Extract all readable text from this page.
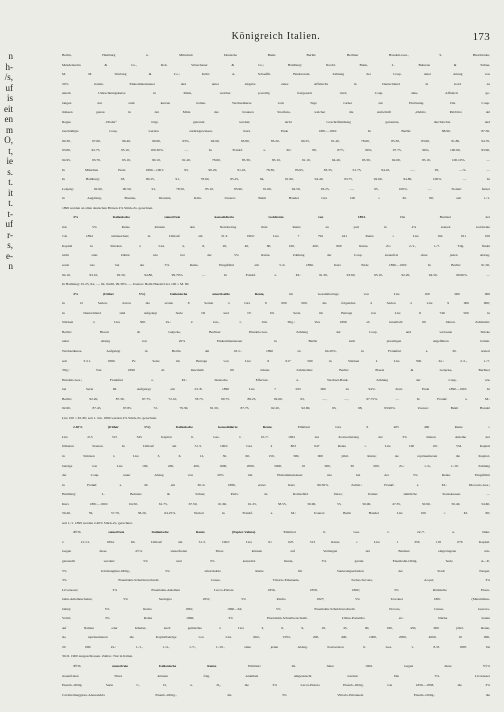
Königreich Italien.	173
n
h-
/s,
uf
is
eit
en
m
O,
t,
ie
s.
t.
it
t.
t-
uf
r-
s,
e-
n
Berlin, Hamburg u. München: Deutsche Bank: Berlin: Berliner Handels-Ges., S. Bleichröder,
Mendelssohn & Co., Rob. Warschauer & Co.; Hamburg: Nordd. Bank, L. Behrens & Söhne,
M. M. Warburg & Co.; Köln: A. Schaaffh. Bankverein. Zahlung der Coup. unter Abzug von
20% italien. Einkommensteuer und unter Abgabe eines Affidavits in Deutschland in Gold zu
einem Umrechnungskurse in Mark, welcher jeweilig festgesetzt wird; Coup. ohne Affidavit ge-
langen nur zum kurzen italien. Wechselkurse vom Tage vorher zur Einlösung. Die Coup.
müssen genau in der Mitte des braunen Streifens, welcher die Aufschrift „Debito Pubblico del
Regno d'Italia“ trägt, getrennt werden; nicht vorschriftsmässig getrennte, durchlochte und
beschädigte Coup. werden zurückgewiesen. Kurs Ende 1881—1901: In Berlin: 88.90, 87.50,
90.30, 97.60, 96.40, 99.90, 93%, 94.90, 93.80, 83.20, 90.25, 91.40, 78.60, 85.30, 83.90, 91.80, 94.70,
93.80, 92.75, 95.10, 100.30%. — In Frankf. a. M.: 89, 87½, 90⅝, 97.75, 96⅜, 100.60, 93.90,
94.95, 93.70, 93.10, 90.10, 91.40, 78.60, 85.30, 83.10, 91.10, 94.40, 93.30, 92.60, 95.10, 100.10%. —
In München Ende 1890—1901: 93, 90.20, 91.45, 78.30, 85.65, 83.35, 91.75, 94.45, —, 95, —%. —
In Hamburg: 93, 90.25, 91, 78.60, 85.25, 84, 91.90, 94.40, 93.75, 92.60, 94.80, 100%. — In
Leipzig: 92.90, 90.50, 91, 78.50, 85.10, 83.90, 91.60, 94.50, 93.25, —, 95, 100%. — Notiert ferner
in Augsburg, Breslau, Dresden, Köln. Usance: Beim Handel Lire 100 = M. 80; seit 1./1.
1899 werden an allen deutschen Börsen 4% Stück-Zs. gerechnet.
4% Italienische steuerfreie konsolidierte Goldrente von 1894.	Die Besitzer der
ital. 5% Rente können den Nettobetrag ihrer Rente zu pari in 4% konsol. Goldrente
von 1894 umtauschen; in Umlauf am 31.3. 1902: Lire 7 792 441 Rente = Lire 194 811 100
Kapital in Stücken à Lire 4, 8, 20, 40, 80, 160, 400, 800 Rente. Zs.: 2./1., 1./7. Tilg. findet
nicht statt. Zahlst. wie bei der 5% Rente. Zahlung der Coup. steuerfrei ohne jeden Abzug,
sonst wie bei der 5% Rente. Eingeführt am 5./4. 1896. Kurs Ende 1896—1901: In Berlin: 91.50,
94.10, 93.10, 92.50, 94.80, 99.70%. — In Frankf. a. M.: 91.30, 93.60, 93.10, 92.20, 94.50, 99.60%. —
In Hamburg: 91.25, 94, —, 92, 94.60, 99.30%. — Usance: Beim Handel Lire 100 = M. 80.
4% (früher 5%) Italienische amortisable Rente,	im Gesamtbetrage von Lire 100 000 000
in 12 Serien, davon die ersten 8 Serien à Lire 8 000 000, die folgenden 4 Serien à Lire 9 000 000;
in Deutschland sind aufgelegt Serie III und IV. III. Serie im Betrage von Lire 8 746 500 in
Stücken à Lire 500. Zs.: 2. Jan., 1. Juli. Tilg.: Von 1899 ab innerhalb 60 Jahren. Zahlstelle:
Berlin: Breest & Gelpcke, Berliner Handels-Ges. Zahlung der Coup. und verlosten Stücke
unter Abzug von 20% Einkommensteuer in Berlin zum jeweiligen ungefähren italien.
Wechselkurse. Aufgelegt in Berlin am 18./1. 1890 zu 94.20%, in Frankfurt a. M. notiert
seit 3./11. 1890. IV. Serie im Betrage von Lire 8 617 500 in Stücken à Lire 500. Zs.: 2./1., 1./7.
Tilg.: Von 1899 ab innerhalb 60 Jahren. Zahlstellen: Berlin: Breest & Gelpcke, Berliner
Handels-Ges.; Frankfurt a. M.: Deutsche Effecten- u. Wechsel-Bank. Zahlung der Coup. wie
bei Serie III. Aufgelegt am 23./8. 1890 Lire 7 025 000 zu 94%. Kurs Ende 1890—1901: In
Berlin: 92.20, 87.30, 87.75, 72.10, 78.75, 80.75, 88.25, 92.60, 93, —, —, 97.75%. — In Frankf. a. M.:
92.60, 87.45, 87.85, 72, 79.30, 81.50, 87.75, 92.20, 92.80, 93, 98, 93.90%. Usance: Beim Handel
Lire 100 = M. 80; seit 1. Jan. 1899 werden 4% Stück-Zs. gerechnet.
2.40% (früher 3%) Italienische konsolidierte Rente.	Emittiert Lire 6 405 460 Rente =
Lire 213 515 345 Kapital lt. Ges. v. 10./7. 1861 zur Konvertierung der 3% älteren Anleihe der
früheren Staaten. In Umlauf am 31.3. 1902: Lire 4 803 047 Rente = Lire 160 101 554 Kapital
in Stücken à Lire 3, 6, 12, 30, 60, 150, 300, 900 jährl. Rente; sie repräsentieren die Kapital-
beträge von Lire 100, 200, 400, 1000, 2000, 5000, 10 000, 30 000. Zs.: 1./4., 1./10. Zahlung
der Coup. unter Abzug von 20% ital. Einkommensteuer wie bei der 5% Rente. Eingeführt
in Frankf. a. M. am 30./4. 1886, erster Kurs 80.50%. Zahlst.: Frankf. a. M.: Disconto-Ges.;
Hamburg: L. Behrens & Söhne; Paris: de Rothschild frères; Italien: sämtliche Staatskassen. —
Kurs 1881—1901: 64.50, 61.75, 67.50, 61.60, 61.25, 58.55, 56.90, 55, 56.90, 47.35, 50.90, 50.40, 54.60,
59.40, 59, 57.70, 58.20, 64.25%. Notiert in Frankf. a. M.: Usance: Beim Handel Lire 100 = M. 80;
seit 1./1. 1899 werden 2.40% Stück-Zs. gerechnet.
4½% steuerfreie Italienische Rente (Papier-Valuta).	Emittiert lt. Ges. v. 22./7. u. Dekr.
v. 21./11. 1894. Im Umlauf am 31.3. 1902: Lire 61 025 313 Rente = Lire 1 356 118 076 Kapital.
Gegen diese 4½% steuerfreien Titres können auf Verlangen der Besitzer eingetragene um-
getauscht werden: 5% und 3% konsolid. Rente, 3% garant. Eisenbahn-Oblig. Serie A—E,
5% Kirchengüter-Oblig., 5% amortisable Rente für Sanierungsarbeiten der Stadt Neapel,
3% Eisenbahn-Schuldverschreib. Cuneo. Vittorio-Emanuele, Torino-Savona, Acqui; 3%
Livornoser; 3% Eisenbahn-Anleihen Lucca-Pistoia 1856, 1858, 1860; 3% Römische Eisen-
bahn-Anleihescheine; 5% Sardegna 1851; 5% Parma 1827; 5% Toscaner 1861 (Maremman-
bahn); 5% Roma 1861; 1860—64; 5% Eisenbahn-Schuldverschreib. Novara, Cuneo, Genova-
Voltri; 3% Roma 1866; 3% Eisenbahn-Schuldverschreib. Udine-Pontebba etc. Stücke lauten
auf Namen oder Inhaber, auch gemischte à Lire 3, 6, 9, 18, 45, 90, 180, 450, 900 jährl. Rente,
sie repräsentieren die Kapitalbeträge von Lire 66⅔, 133⅓, 200, 400, 1000, 2000, 4000, 10 000,
20 000. Zs.: 1./1., 1./4., 1./7., 1./10., ohne jeden Abzug. Konversion lt. Ges. v. 8./8. 1895 bis
30./6. 1900 ausgeschlossen. Zahlst.: Nur in Italien.
3½% steuerfreie Italienische Rente.	Emittiert im Jahre 1902. Gegen diese 3½%
steuerfreien Titres können folg. Anleihen umgetauscht werden: Die 3% Livorneser
Eisenb.-Oblig. Serie C, D₁ u. D₂, die 3% Lucca-Pistoia Eisenb.-Oblig. von 1856—1858, die 3%
Cavallermaggiore-Alessandria Eisenb.-Oblig., die 3% Vittorio-Emanuele Eisenb.-Oblig., die
